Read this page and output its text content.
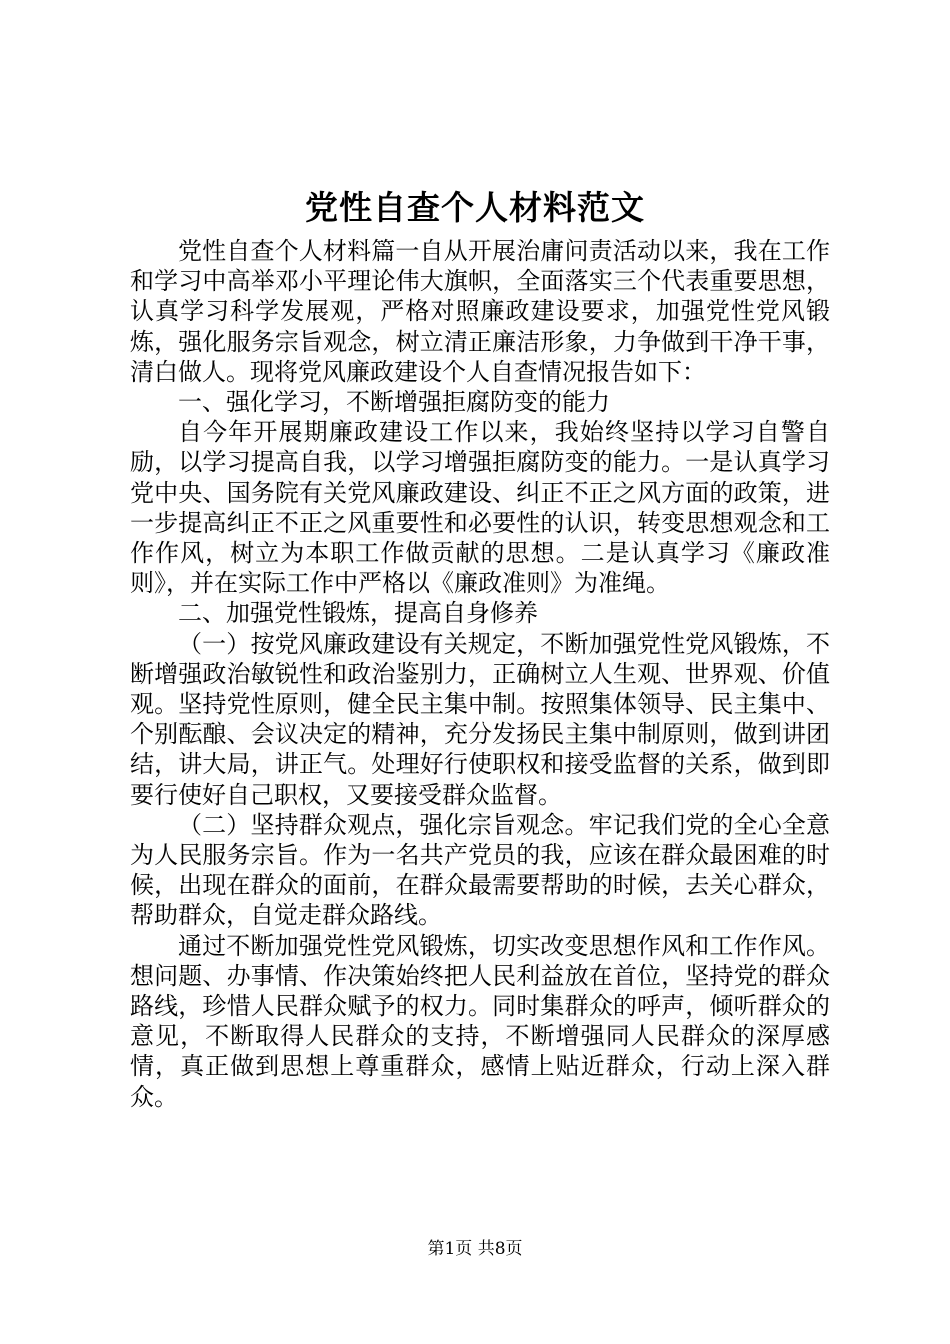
党性自查个人材料范文

党性自查个人材料篇一自从开展治庸问责活动以来，我在工作和学习中高举邓小平理论伟大旗帜，全面落实三个代表重要思想，认真学习科学发展观，严格对照廉政建设要求，加强党性党风锻炼，强化服务宗旨观念，树立清正廉洁形象，力争做到干净干事，清白做人。现将党风廉政建设个人自查情况报告如下：

一、强化学习，不断增强拒腐防变的能力

自今年开展期廉政建设工作以来，我始终坚持以学习自警自励，以学习提高自我，以学习增强拒腐防变的能力。一是认真学习党中央、国务院有关党风廉政建设、纠正不正之风方面的政策，进一步提高纠正不正之风重要性和必要性的认识，转变思想观念和工作作风，树立为本职工作做贡献的思想。二是认真学习《廉政准则》，并在实际工作中严格以《廉政准则》为准绳。

二、加强党性锻炼，提高自身修养

（一）按党风廉政建设有关规定，不断加强党性党风锻炼，不断增强政治敏锐性和政治鉴别力，正确树立人生观、世界观、价值观。坚持党性原则，健全民主集中制。按照集体领导、民主集中、个别酝酿、会议决定的精神，充分发扬民主集中制原则，做到讲团结，讲大局，讲正气。处理好行使职权和接受监督的关系，做到即要行使好自己职权，又要接受群众监督。

（二）坚持群众观点，强化宗旨观念。牢记我们党的全心全意为人民服务宗旨。作为一名共产党员的我，应该在群众最困难的时候，出现在群众的面前，在群众最需要帮助的时候，去关心群众，帮助群众，自觉走群众路线。

通过不断加强党性党风锻炼，切实改变思想作风和工作作风。想问题、办事情、作决策始终把人民利益放在首位，坚持党的群众路线，珍惜人民群众赋予的权力。同时集群众的呼声，倾听群众的意见，不断取得人民群众的支持，不断增强同人民群众的深厚感情，真正做到思想上尊重群众，感情上贴近群众，行动上深入群众。

第1页 共8页
